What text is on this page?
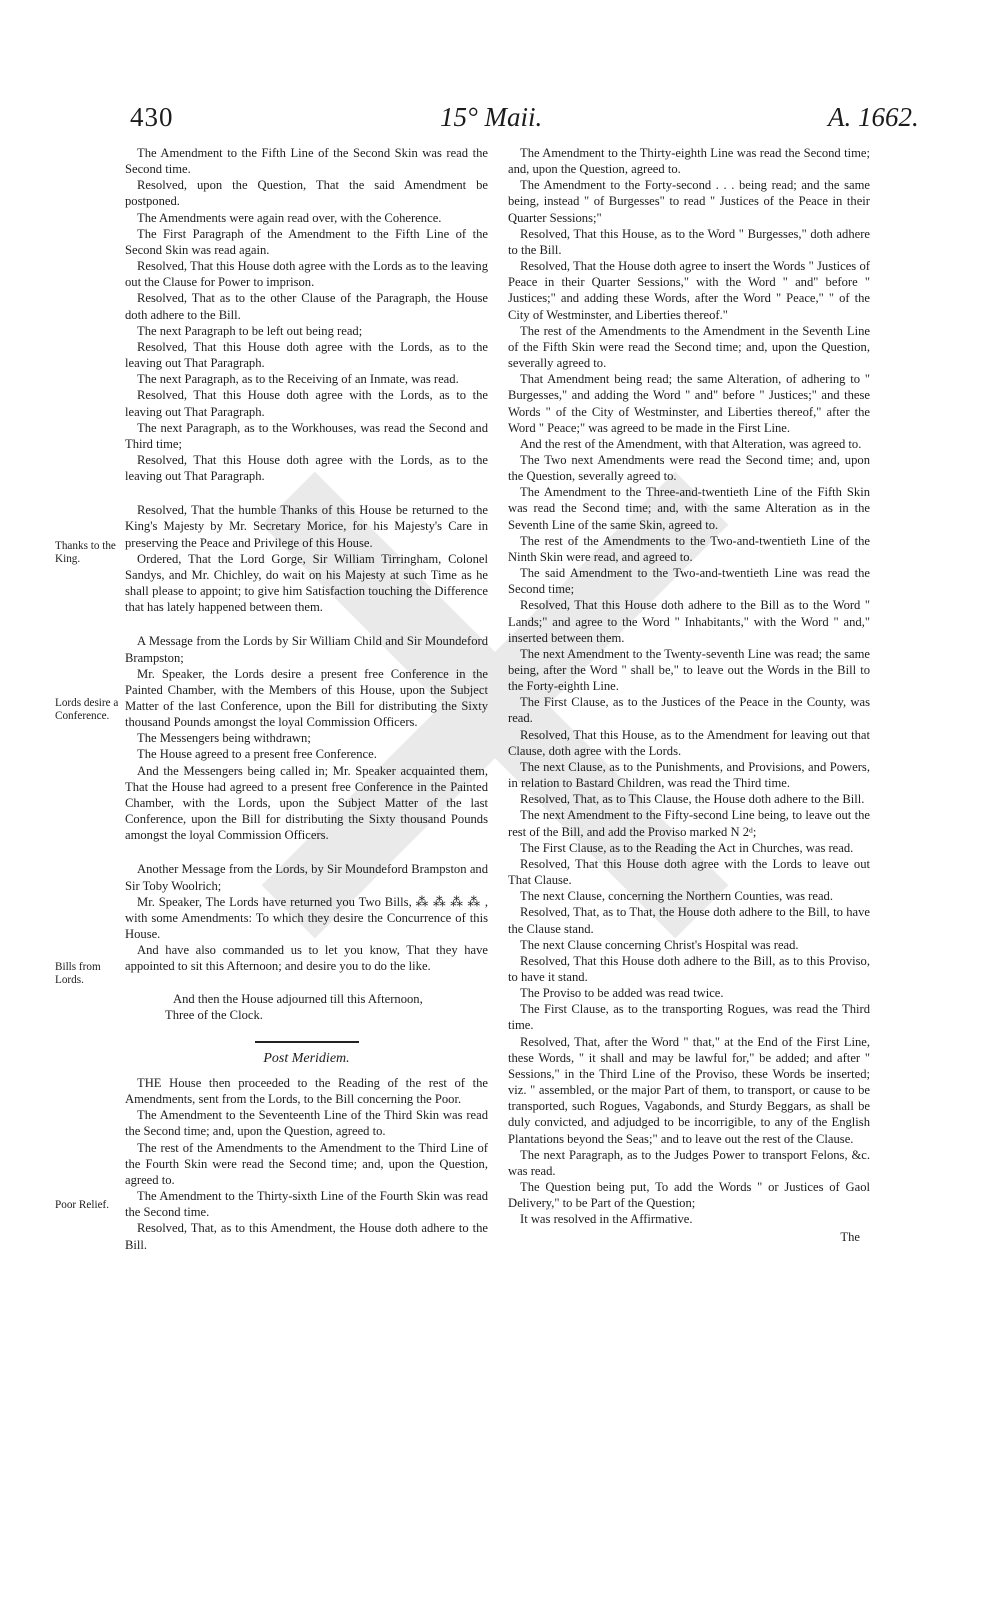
430	15° Maii.	A. 1662.
Thanks to the King.
Lords desire a Conference.
Bills from Lords.
Poor Relief.

The Amendment to the Fifth Line of the Second Skin was read the Second time.

Resolved, upon the Question, That the said Amendment be postponed.

The Amendments were again read over, with the Coherence.

The First Paragraph of the Amendment to the Fifth Line of the Second Skin was read again.

Resolved, That this House doth agree with the Lords as to the leaving out the Clause for Power to imprison.

Resolved, That as to the other Clause of the Paragraph, the House doth adhere to the Bill.

The next Paragraph to be left out being read;

Resolved, That this House doth agree with the Lords, as to the leaving out That Paragraph.

The next Paragraph, as to the Receiving of an Inmate, was read.

Resolved, That this House doth agree with the Lords, as to the leaving out That Paragraph.

The next Paragraph, as to the Workhouses, was read the Second and Third time;

Resolved, That this House doth agree with the Lords, as to the leaving out That Paragraph.

Resolved, That the humble Thanks of this House be returned to the King's Majesty by Mr. Secretary Morice, for his Majesty's Care in preserving the Peace and Privilege of this House.

Ordered, That the Lord Gorge, Sir William Tirringham, Colonel Sandys, and Mr. Chichley, do wait on his Majesty at such Time as he shall please to appoint; to give him Satisfaction touching the Difference that has lately happened between them.

A Message from the Lords by Sir William Child and Sir Moundeford Brampston;

Mr. Speaker, the Lords desire a present free Conference in the Painted Chamber, with the Members of this House, upon the Subject Matter of the last Conference, upon the Bill for distributing the Sixty thousand Pounds amongst the loyal Commission Officers.

The Messengers being withdrawn;

The House agreed to a present free Conference.

And the Messengers being called in; Mr. Speaker acquainted them, That the House had agreed to a present free Conference in the Painted Chamber, with the Lords, upon the Subject Matter of the last Conference, upon the Bill for distributing the Sixty thousand Pounds amongst the loyal Commission Officers.

Another Message from the Lords, by Sir Moundeford Brampston and Sir Toby Woolrich;

Mr. Speaker, The Lords have returned you Two Bills, ⁂ ⁂ ⁂ ⁂ , with some Amendments: To which they desire the Concurrence of this House.

And have also commanded us to let you know, That they have appointed to sit this Afternoon; and desire you to do the like.

And then the House adjourned till this Afternoon,

Three of the Clock.

Post Meridiem.

THE House then proceeded to the Reading of the rest of the Amendments, sent from the Lords, to the Bill concerning the Poor.

The Amendment to the Seventeenth Line of the Third Skin was read the Second time; and, upon the Question, agreed to.

The rest of the Amendments to the Amendment to the Third Line of the Fourth Skin were read the Second time; and, upon the Question, agreed to.

The Amendment to the Thirty-sixth Line of the Fourth Skin was read the Second time.

Resolved, That, as to this Amendment, the House doth adhere to the Bill.

The Amendment to the Thirty-eighth Line was read the Second time; and, upon the Question, agreed to.

The Amendment to the Forty-second . . . being read; and the same being, instead " of Burgesses" to read " Justices of the Peace in their Quarter Sessions;"

Resolved, That this House, as to the Word " Burgesses," doth adhere to the Bill.

Resolved, That the House doth agree to insert the Words " Justices of Peace in their Quarter Sessions," with the Word " and" before " Justices;" and adding these Words, after the Word " Peace," " of the City of Westminster, and Liberties thereof."

The rest of the Amendments to the Amendment in the Seventh Line of the Fifth Skin were read the Second time; and, upon the Question, severally agreed to.

That Amendment being read; the same Alteration, of adhering to " Burgesses," and adding the Word " and" before " Justices;" and these Words " of the City of Westminster, and Liberties thereof," after the Word " Peace;" was agreed to be made in the First Line.

And the rest of the Amendment, with that Alteration, was agreed to.

The Two next Amendments were read the Second time; and, upon the Question, severally agreed to.

The Amendment to the Three-and-twentieth Line of the Fifth Skin was read the Second time; and, with the same Alteration as in the Seventh Line of the same Skin, agreed to.

The rest of the Amendments to the Two-and-twentieth Line of the Ninth Skin were read, and agreed to.

The said Amendment to the Two-and-twentieth Line was read the Second time;

Resolved, That this House doth adhere to the Bill as to the Word " Lands;" and agree to the Word " Inhabitants," with the Word " and," inserted between them.

The next Amendment to the Twenty-seventh Line was read; the same being, after the Word " shall be," to leave out the Words in the Bill to the Forty-eighth Line.

The First Clause, as to the Justices of the Peace in the County, was read.

Resolved, That this House, as to the Amendment for leaving out that Clause, doth agree with the Lords.

The next Clause, as to the Punishments, and Provisions, and Powers, in relation to Bastard Children, was read the Third time.

Resolved, That, as to This Clause, the House doth adhere to the Bill.

The next Amendment to the Fifty-second Line being, to leave out the rest of the Bill, and add the Proviso marked N 2ᵈ;

The First Clause, as to the Reading the Act in Churches, was read.

Resolved, That this House doth agree with the Lords to leave out That Clause.

The next Clause, concerning the Northern Counties, was read.

Resolved, That, as to That, the House doth adhere to the Bill, to have the Clause stand.

The next Clause concerning Christ's Hospital was read.

Resolved, That this House doth adhere to the Bill, as to this Proviso, to have it stand.

The Proviso to be added was read twice.

The First Clause, as to the transporting Rogues, was read the Third time.

Resolved, That, after the Word " that," at the End of the First Line, these Words, " it shall and may be lawful for," be added; and after " Sessions," in the Third Line of the Proviso, these Words be inserted; viz. " assembled, or the major Part of them, to transport, or cause to be transported, such Rogues, Vagabonds, and Sturdy Beggars, as shall be duly convicted, and adjudged to be incorrigible, to any of the English Plantations beyond the Seas;" and to leave out the rest of the Clause.

The next Paragraph, as to the Judges Power to transport Felons, &c. was read.

The Question being put, To add the Words " or Justices of Gaol Delivery," to be Part of the Question;

It was resolved in the Affirmative.

The
